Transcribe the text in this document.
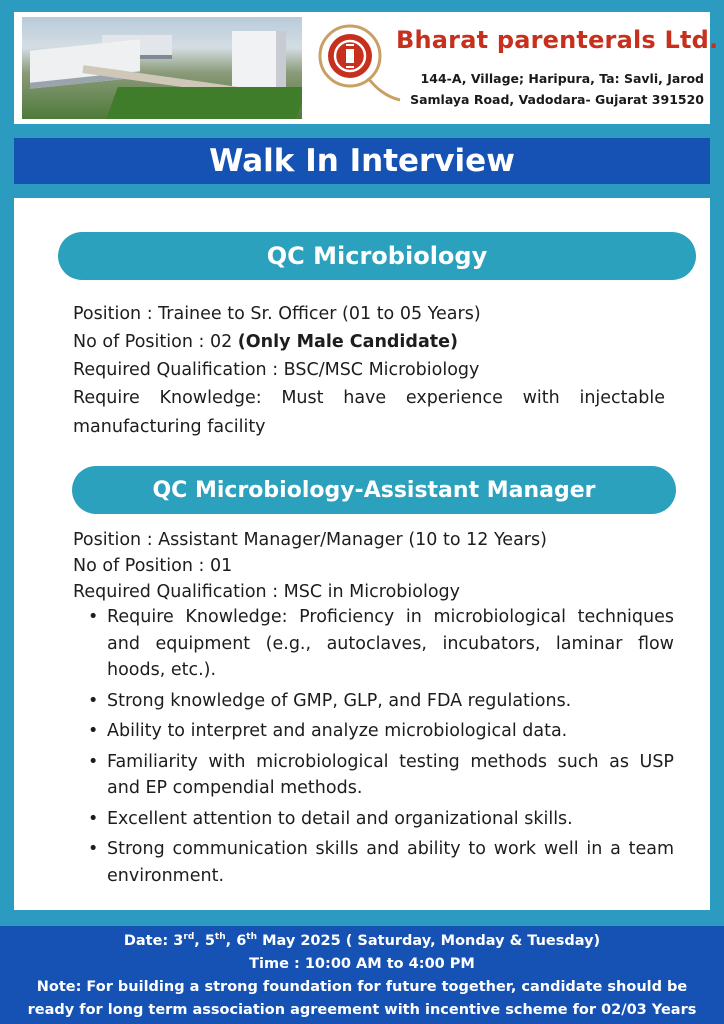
Bharat parenterals Ltd.
144-A, Village; Haripura, Ta: Savli, Jarod
Samlaya Road, Vadodara- Gujarat 391520
Walk In Interview
QC Microbiology
Position : Trainee to Sr. Officer (01 to 05 Years)
No of Position : 02 (Only Male Candidate)
Required Qualification : BSC/MSC Microbiology
Require Knowledge: Must have experience with injectable manufacturing facility
QC Microbiology-Assistant Manager
Position : Assistant Manager/Manager (10 to 12 Years)
No of Position : 01
Required Qualification : MSC in Microbiology
• Require Knowledge: Proficiency in microbiological techniques and equipment (e.g., autoclaves, incubators, laminar flow hoods, etc.).
• Strong knowledge of GMP, GLP, and FDA regulations.
• Ability to interpret and analyze microbiological data.
• Familiarity with microbiological testing methods such as USP and EP compendial methods.
• Excellent attention to detail and organizational skills.
• Strong communication skills and ability to work well in a team environment.
Date: 3rd, 5th, 6th May 2025 ( Saturday, Monday & Tuesday)
Time : 10:00 AM to 4:00 PM
Note: For building a strong foundation for future together, candidate should be
ready for long term association agreement with incentive scheme for 02/03 Years
